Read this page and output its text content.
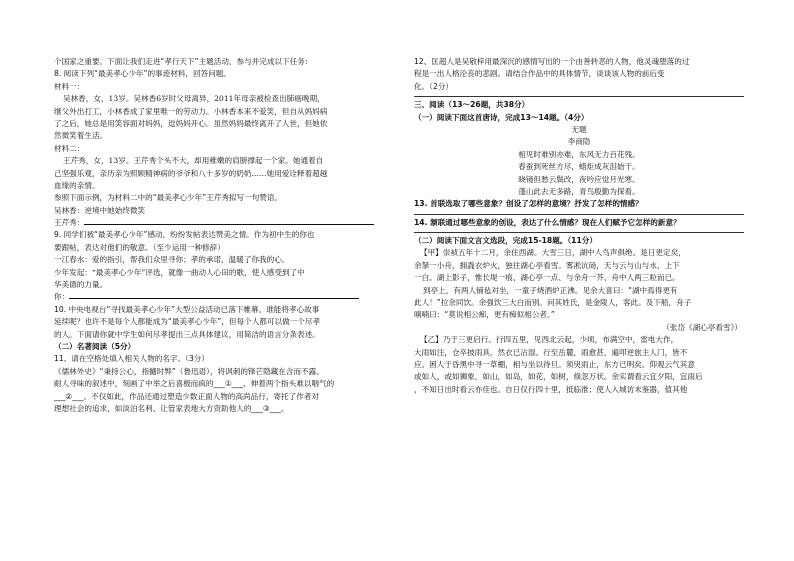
个国家之重要。下面让我们走进“孝行天下”主题活动，参与并完成以下任务：
8. 阅读下列“最美孝心少年”的事迹材料，回答问题。
材料一：
吴林香，女，13岁。吴林香6岁时父母离异，2011年母亲被检查出肺癌晚期，
继父外出打工，小林香成了家里唯一的劳动力。小林香本来不爱笑，但自从妈妈病
了之后，她总是用笑容面对妈妈，逗妈妈开心。虽然妈妈最终离开了人世，但她依
然微笑着生活。
材料二：
王芹秀，女，13岁。王芹秀个头不大，却用稚嫩的肩膀撑起一个家。她通着自
己坚强乐观，亲历亲为照顾精神病的爷爷和八十多岁的奶奶……她用爱诠释着超越
血缘的亲情。
参照下面示例，为材料二中的“最美孝心少年”王芹秀拟写一句赞语。
吴林香：逆境中她始终微笑
王芹秀：
9. 同学们被“最美孝心少年”感动，纷纷发帖表达赞美之情。作为初中生的你也
要跟帖，表达对他们的敬意。（至少运用一种修辞）
一江春水：爱的指引，帮我们众里寻你；孝的承诺，温暖了你我的心。
少年发起：“最美孝心少年”评选，就像一曲动人心田的歌，使人感受到了中
华美德的力量。
你：
10. 中央电视台“寻找最美孝心少年”大型公益活动已落下帷幕。谁能将孝心故事
延续呢？也许不是每个人都能成为“最美孝心少年”，但每个人都可以做一个尽孝
的人。下面请你就中学生如何尽孝提出三点具体建议，用简洁的语言分条表述。
（二）名著阅读（5分）
11、请在空格处填入相关人物的名字。（3分）
《儒林外史》“秉持公心，指擿时弊”（鲁迅语），将讽刺的锋芒隐藏在含而不露、
耐人寻味的叙述中，刻画了中举之后喜极而疯的___①___、伸着两个指头难以咽气的
___②___。不仅如此，作品还通过塑造少数正面人物的高尚品行，寄托了作者对
理想社会的追求，如淡泊名利、让管家表地大方资助他人的___③___。
12、匡超人是吴敬梓用最深沉的感情写出的一个由善转恶的人物，他灵魂堕落的过
程是一出人格沦丧的悲剧。请结合作品中的具体情节，谈谈该人物的前后变
化。（2分）
三、阅读（13～26题，共38分）
（一）阅读下面这首唐诗，完成13～14题。（4分）
无题
李商隐
相见时难别亦难，东风无力百花残。
春蚕到死丝方尽，蜡炬成灰泪始干。
晓镜但愁云鬓改，夜吟应觉月光寒。
蓬山此去无多路，青鸟殷勤为探看。
13. 首联选取了哪些意象？创设了怎样的意境？抒发了怎样的情感？
14. 颔联通过哪些意象的创设，表达了什么情感？现在人们赋予它怎样的新意？
（二）阅读下面文言文选段，完成15-18题。（11分）
【甲】崇祯五年十二月，余住西湖。大雪三日，湖中人鸟声俱绝。是日更定矣，
余拏一小舟，拥毳衣炉火，独往湖心亭看雪。雾凇沆砀，天与云与山与水，上下
一白。湖上影子，惟长堤一痕、湖心亭一点、与余舟一芥、舟中人两三粒而已。
到亭上，有两人铺毡对坐，一童子烧酒炉正沸。见余大喜曰：“湖中焉得更有
此人！”拉余同饮。余强饮三大白而别。问其姓氏，是金陵人，客此。及下船，舟子
喃喃曰：“莫说相公痴，更有痴似相公者。”
（张岱《湖心亭看雪》）
【乙】乃于三更启行。行四五里，见西北云起，少顷，布满空中，雷电大作，
大雨如注，仓卒披雨具，然衣已沾湿。行至岳麓，雨愈甚，遍叩逆旅主人门，皆不
应。困人于昏黑中寻一草棚，相与坐以待旦。须臾雨止，东方已明矣。仰观云气其意
或如人，或如狮象，如山，如岛，如花，如树，倏忽万状。余实谓看云宜夕阳，宜雨后
，不知日出时看云亦佳也。自日仅行四十里，抵临淮；使人入城访未鉴器，值其他
